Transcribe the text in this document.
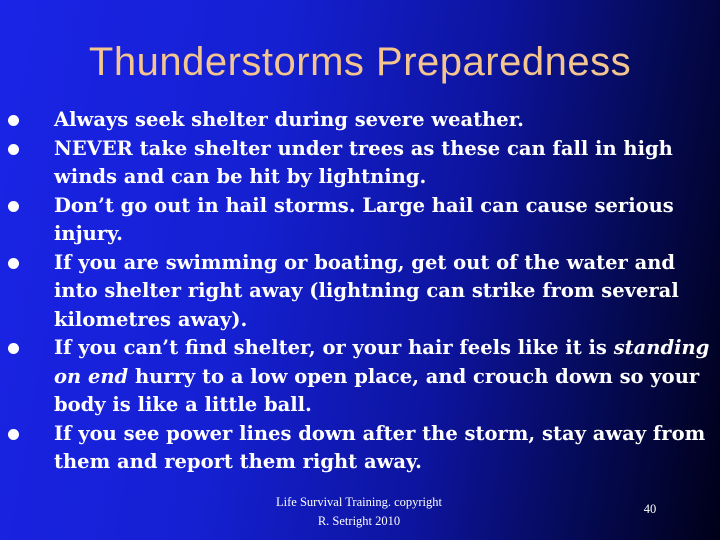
Thunderstorms Preparedness
Always seek shelter during severe weather.
NEVER take shelter under trees as these can fall in high winds and can be hit by lightning.
Don’t go out in hail storms. Large hail can cause serious injury.
If you are swimming or boating, get out of the water and into shelter right away (lightning can strike from several kilometres away).
If you can’t find shelter, or your hair feels like it is standing on end hurry to a low open place, and crouch down so your body is like a little ball.
If you see power lines down after the storm, stay away from them and report them right away.
Life Survival Training. copyright
R. Setright 2010
40
